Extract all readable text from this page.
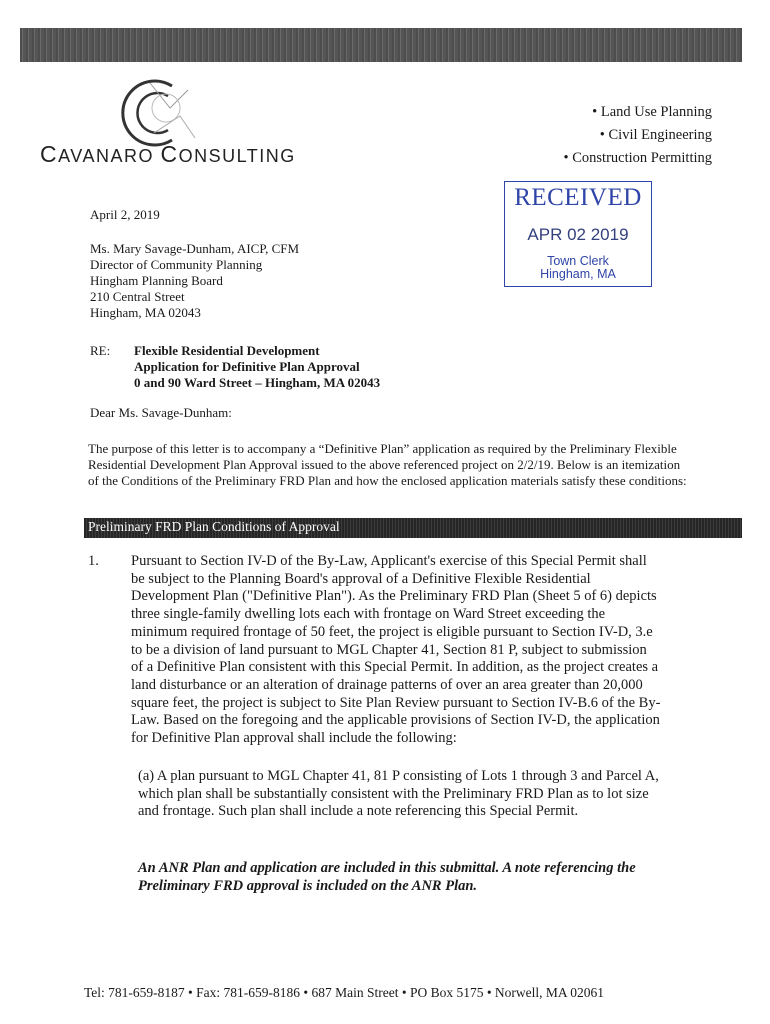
CAVANARO CONSULTING
• Land Use Planning
• Civil Engineering
• Construction Permitting
RECEIVED
APR 02 2019
Town Clerk
Hingham, MA
April 2, 2019
Ms. Mary Savage-Dunham, AICP, CFM
Director of Community Planning
Hingham Planning Board
210 Central Street
Hingham, MA 02043
RE: Flexible Residential Development
Application for Definitive Plan Approval
0 and 90 Ward Street – Hingham, MA 02043
Dear Ms. Savage-Dunham:
The purpose of this letter is to accompany a “Definitive Plan” application as required by the Preliminary Flexible Residential Development Plan Approval issued to the above referenced project on 2/2/19. Below is an itemization of the Conditions of the Preliminary FRD Plan and how the enclosed application materials satisfy these conditions:
Preliminary FRD Plan Conditions of Approval
1. Pursuant to Section IV-D of the By-Law, Applicant's exercise of this Special Permit shall be subject to the Planning Board's approval of a Definitive Flexible Residential Development Plan ("Definitive Plan"). As the Preliminary FRD Plan (Sheet 5 of 6) depicts three single-family dwelling lots each with frontage on Ward Street exceeding the minimum required frontage of 50 feet, the project is eligible pursuant to Section IV-D, 3.e to be a division of land pursuant to MGL Chapter 41, Section 81 P, subject to submission of a Definitive Plan consistent with this Special Permit. In addition, as the project creates a land disturbance or an alteration of drainage patterns of over an area greater than 20,000 square feet, the project is subject to Site Plan Review pursuant to Section IV-B.6 of the By-Law. Based on the foregoing and the applicable provisions of Section IV-D, the application for Definitive Plan approval shall include the following:
(a) A plan pursuant to MGL Chapter 41, 81 P consisting of Lots 1 through 3 and Parcel A, which plan shall be substantially consistent with the Preliminary FRD Plan as to lot size and frontage. Such plan shall include a note referencing this Special Permit.
An ANR Plan and application are included in this submittal. A note referencing the Preliminary FRD approval is included on the ANR Plan.
Tel: 781-659-8187 • Fax: 781-659-8186 • 687 Main Street • PO Box 5175 • Norwell, MA 02061
